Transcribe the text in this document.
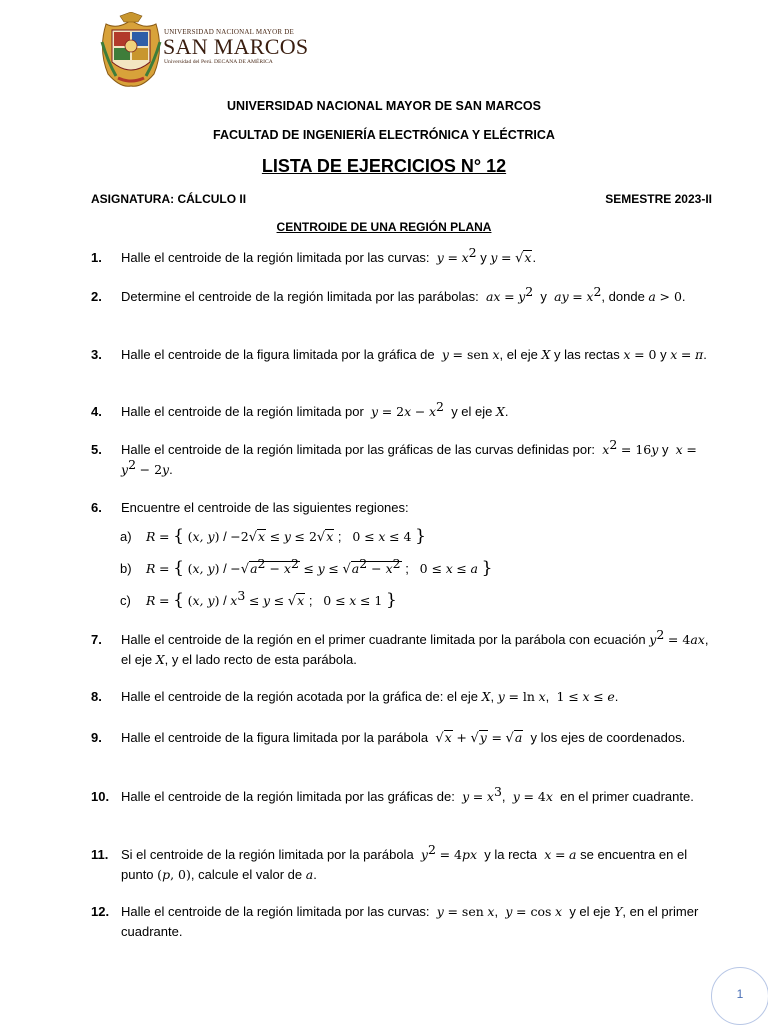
UNIVERSIDAD NACIONAL MAYOR DE
SAN MARCOS
Universidad del Perú. DECANA DE AMÉRICA
UNIVERSIDAD NACIONAL MAYOR DE SAN MARCOS
FACULTAD DE INGENIERÍA ELECTRÓNICA Y ELÉCTRICA
LISTA DE EJERCICIOS N° 12
ASIGNATURA: CÁLCULO II	SEMESTRE 2023-II
CENTROIDE DE UNA REGIÓN PLANA
1. Halle el centroide de la región limitada por las curvas: $y = x^2$ y y = √x.
2. Determine el centroide de la región limitada por las parábolas: ax = $y^2$  y  ay = $x^2$, donde a > 0.
3. Halle el centroide de la figura limitada por la gráfica de y = sen x, el eje X y las rectas x = 0 y x = π.
4. Halle el centroide de la región limitada por $y = 2x - x^2$ y el eje X.
5. Halle el centroide de la región limitada por las gráficas de las curvas definidas por: $x^2 = 16y$ y  $x = y^2 - 2y$.
6. Encuentre el centroide de las siguientes regiones:
a) R = { (x, y) / −2√x ≤ y ≤ 2√x ;   0 ≤ x ≤ 4 }
b) R = { (x, $y) / -√a^2 - x^2 \le y \le √a^2 - x^2$ ;   0 ≤ x ≤ a }
c) R = { (x, $y) / x^3 \le y \le √x$ ;   0 ≤ x ≤ 1 }
7. Halle el centroide de la región en el primer cuadrante limitada por la parábola con ecuación $y^2 = 4ax$, el eje X, y el lado recto de esta parábola.
8. Halle el centroide de la región acotada por la gráfica de: el eje X, y = ln x,  1 ≤ x ≤ e.
9. Halle el centroide de la figura limitada por la parábola √x + √y = √a y los ejes de coordenados.
10. Halle el centroide de la región limitada por las gráficas de: $y = x^3$,  y = 4x en el primer cuadrante.
11. Si el centroide de la región limitada por la parábola $y^2 = 4px$ y la recta x = a se encuentra en el punto (p, 0), calcule el valor de a.
12. Halle el centroide de la región limitada por las curvas: y = sen x,  y = cos x y el eje Y, en el primer cuadrante.
1
